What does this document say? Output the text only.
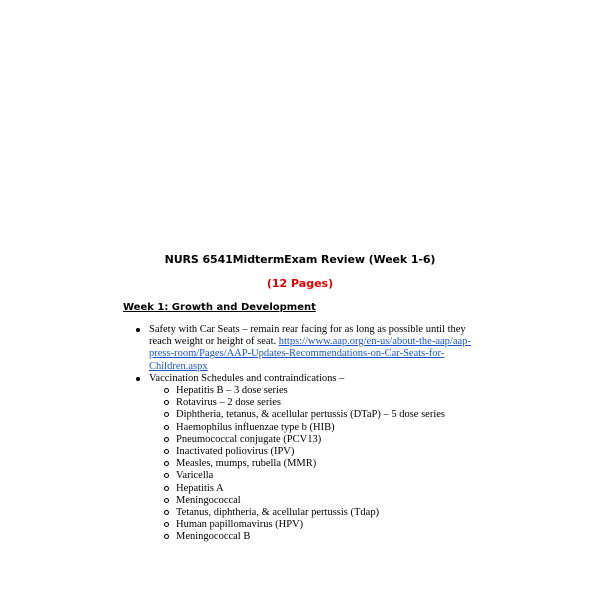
NURS 6541MidtermExam Review (Week 1-6)
(12 Pages)
Week 1: Growth and Development
Safety with Car Seats – remain rear facing for as long as possible until they reach weight or height of seat. https://www.aap.org/en-us/about-the-aap/aap-press-room/Pages/AAP-Updates-Recommendations-on-Car-Seats-for-Children.aspx
Vaccination Schedules and contraindications –
Hepatitis B – 3 dose series
Rotavirus – 2 dose series
Diphtheria, tetanus, & acellular pertussis (DTaP) – 5 dose series
Haemophilus influenzae type b (HIB)
Pneumococcal conjugate (PCV13)
Inactivated poliovirus (IPV)
Measles, mumps, rubella (MMR)
Varicella
Hepatitis A
Meningococcal
Tetanus, diphtheria, & acellular pertussis (Tdap)
Human papillomavirus (HPV)
Meningococcal B
